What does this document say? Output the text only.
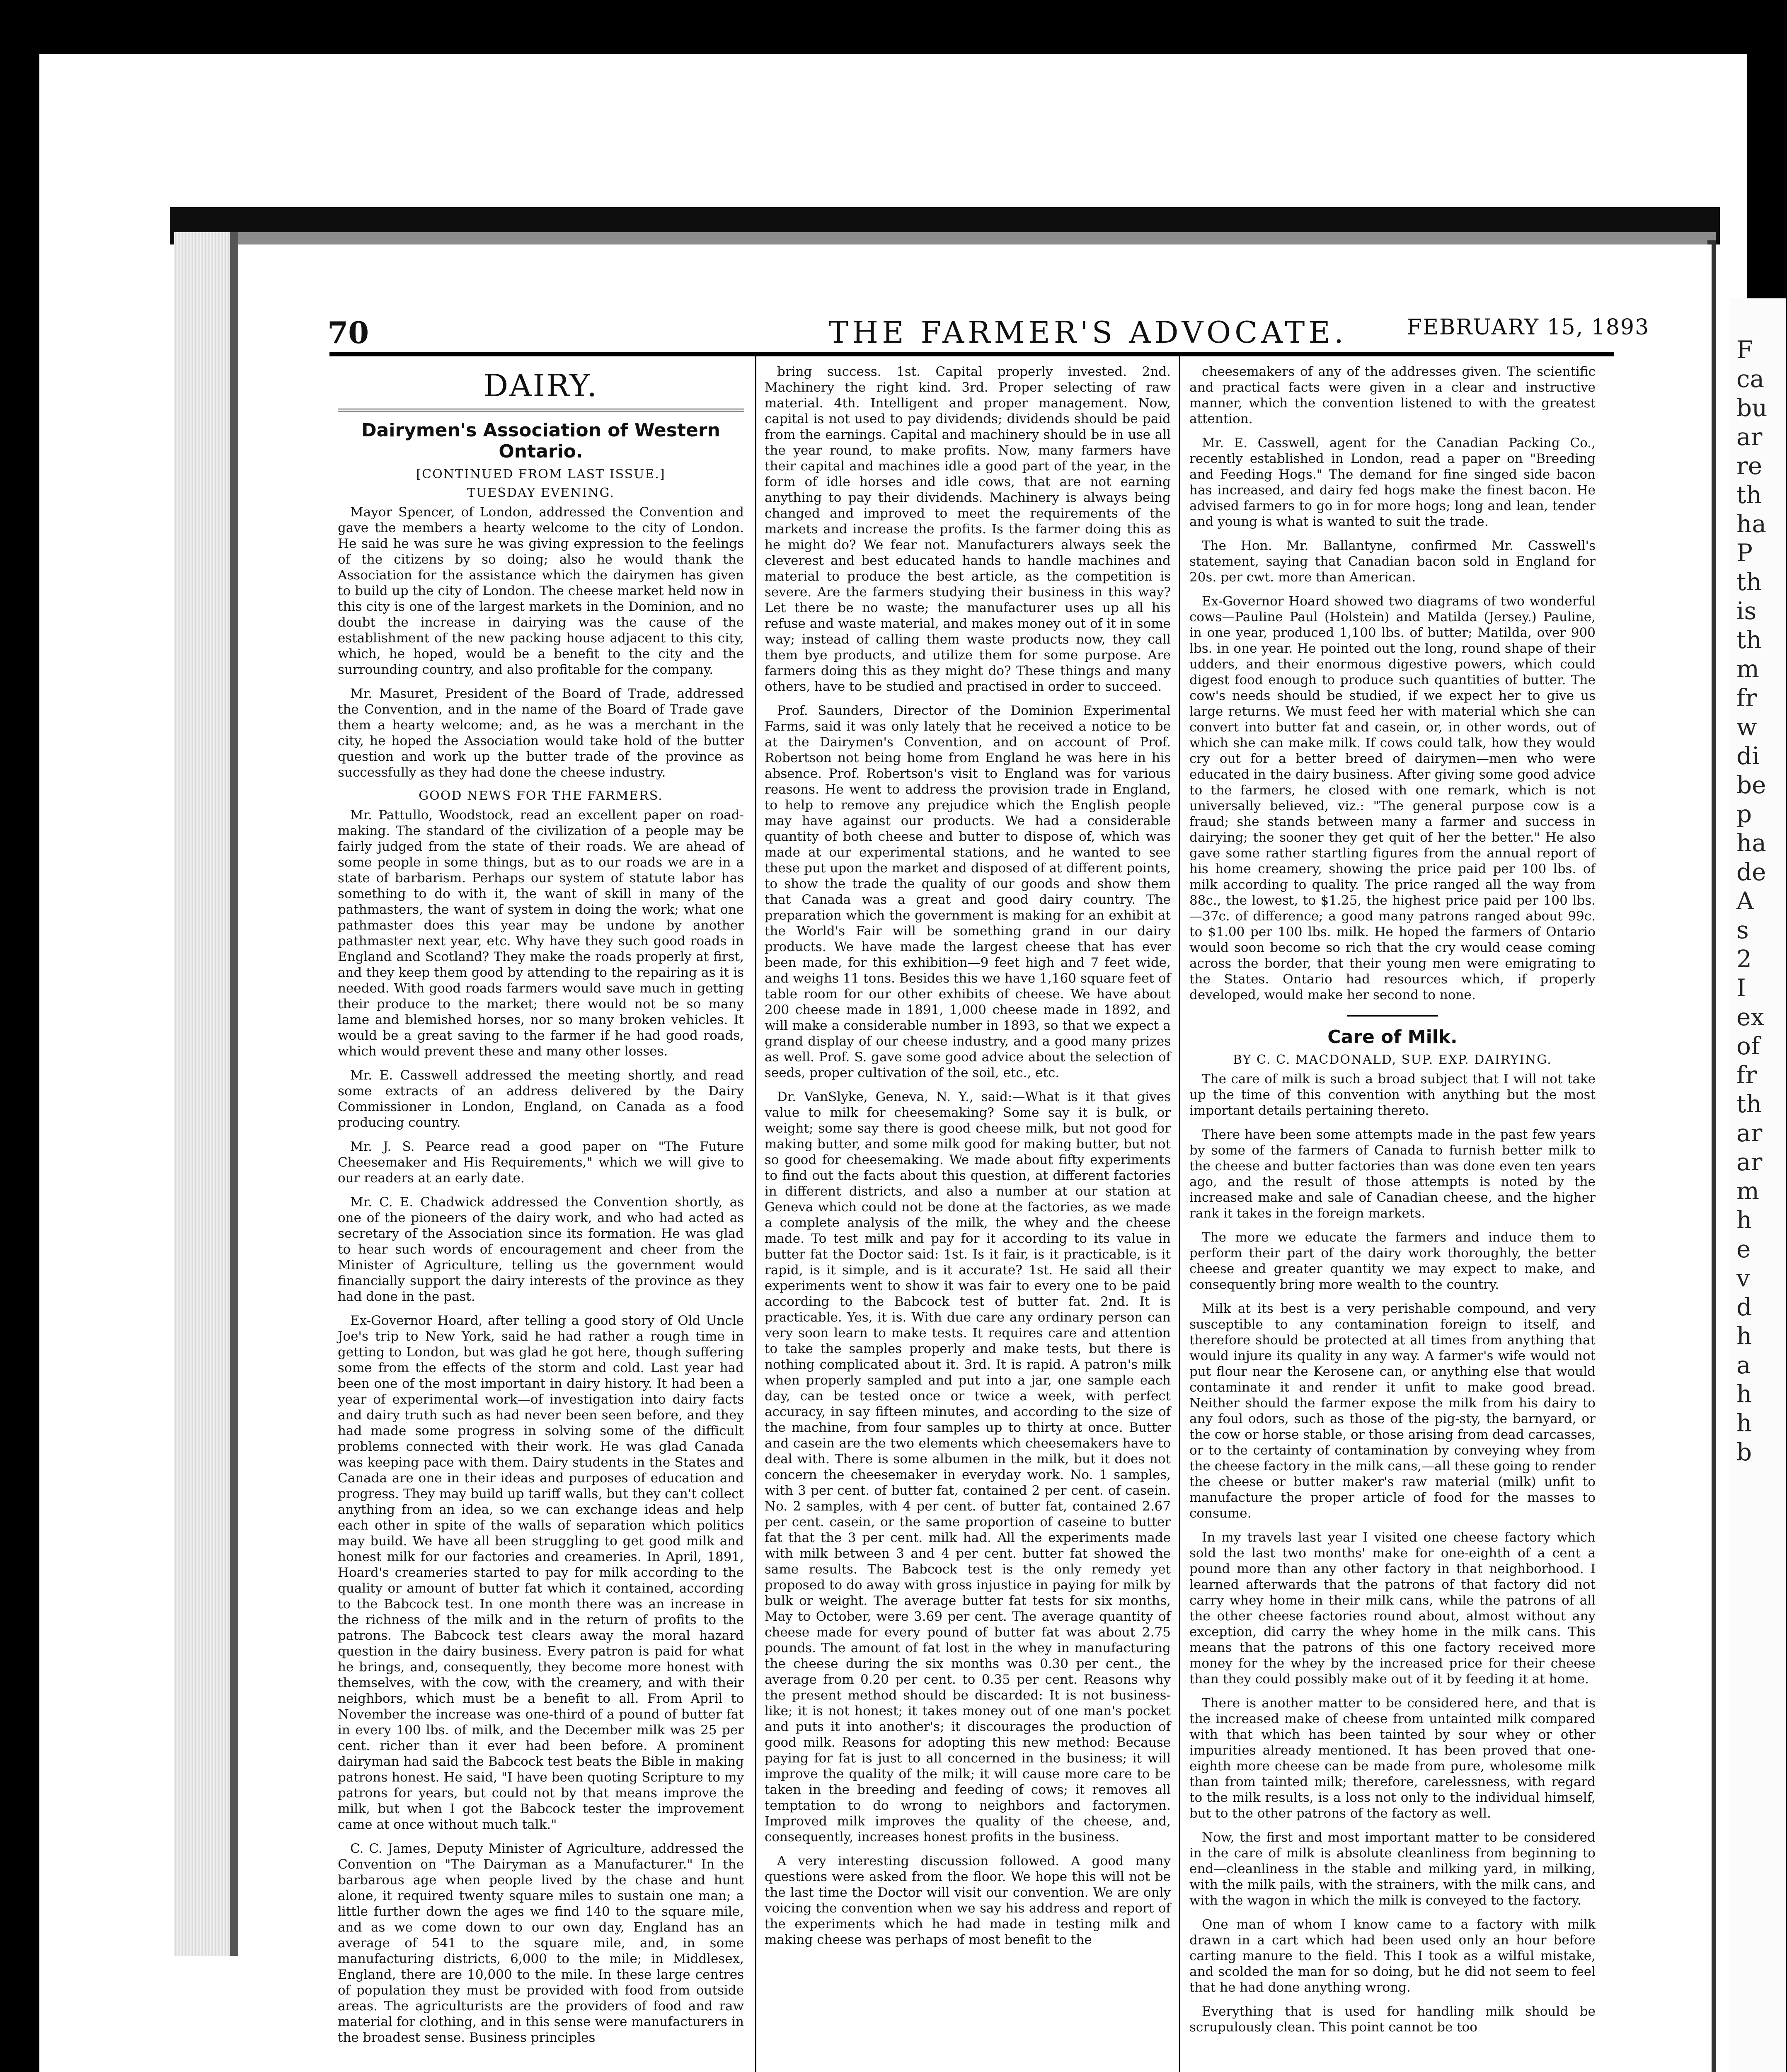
70	THE FARMER'S ADVOCATE.	FEBRUARY 15, 1893
DAIRY.
Dairymen's Association of Western Ontario.
[CONTINUED FROM LAST ISSUE.]
TUESDAY EVENING.

Mayor Spencer, of London, addressed the Convention and gave the members a hearty welcome to the city of London. He said he was sure he was giving expression to the feelings of the citizens by so doing; also he would thank the Association for the assistance which the dairymen has given to build up the city of London. The cheese market held now in this city is one of the largest markets in the Dominion, and no doubt the increase in dairying was the cause of the establishment of the new packing house adjacent to this city, which, he hoped, would be a benefit to the city and the surrounding country, and also profitable for the company.

Mr. Masuret, President of the Board of Trade, addressed the Convention, and in the name of the Board of Trade gave them a hearty welcome; and, as he was a merchant in the city, he hoped the Association would take hold of the butter question and work up the butter trade of the province as successfully as they had done the cheese industry.

GOOD NEWS FOR THE FARMERS.

Mr. Pattullo, Woodstock, read an excellent paper on road-making. The standard of the civilization of a people may be fairly judged from the state of their roads. We are ahead of some people in some things, but as to our roads we are in a state of barbarism. Perhaps our system of statute labor has something to do with it, the want of skill in many of the pathmasters, the want of system in doing the work; what one pathmaster does this year may be undone by another pathmaster next year, etc. Why have they such good roads in England and Scotland? They make the roads properly at first, and they keep them good by attending to the repairing as it is needed. With good roads farmers would save much in getting their produce to the market; there would not be so many lame and blemished horses, nor so many broken vehicles. It would be a great saving to the farmer if he had good roads, which would prevent these and many other losses.

Mr. E. Casswell addressed the meeting shortly, and read some extracts of an address delivered by the Dairy Commissioner in London, England, on Canada as a food producing country.

Mr. J. S. Pearce read a good paper on "The Future Cheesemaker and His Requirements," which we will give to our readers at an early date.

Mr. C. E. Chadwick addressed the Convention shortly, as one of the pioneers of the dairy work, and who had acted as secretary of the Association since its formation. He was glad to hear such words of encouragement and cheer from the Minister of Agriculture, telling us the government would financially support the dairy interests of the province as they had done in the past.

Ex-Governor Hoard, after telling a good story of Old Uncle Joe's trip to New York, said he had rather a rough time in getting to London, but was glad he got here, though suffering some from the effects of the storm and cold. Last year had been one of the most important in dairy history. It had been a year of experimental work—of investigation into dairy facts and dairy truth such as had never been seen before, and they had made some progress in solving some of the difficult problems connected with their work. He was glad Canada was keeping pace with them. Dairy students in the States and Canada are one in their ideas and purposes of education and progress. They may build up tariff walls, but they can't collect anything from an idea, so we can exchange ideas and help each other in spite of the walls of separation which politics may build. We have all been struggling to get good milk and honest milk for our factories and creameries. In April, 1891, Hoard's creameries started to pay for milk according to the quality or amount of butter fat which it contained, according to the Babcock test. In one month there was an increase in the richness of the milk and in the return of profits to the patrons. The Babcock test clears away the moral hazard question in the dairy business. Every patron is paid for what he brings, and, consequently, they become more honest with themselves, with the cow, with the creamery, and with their neighbors, which must be a benefit to all. From April to November the increase was one-third of a pound of butter fat in every 100 lbs. of milk, and the December milk was 25 per cent. richer than it ever had been before. A prominent dairyman had said the Babcock test beats the Bible in making patrons honest. He said, "I have been quoting Scripture to my patrons for years, but could not by that means improve the milk, but when I got the Babcock tester the improvement came at once without much talk."

C. C. James, Deputy Minister of Agriculture, addressed the Convention on "The Dairyman as a Manufacturer." In the barbarous age when people lived by the chase and hunt alone, it required twenty square miles to sustain one man; a little further down the ages we find 140 to the square mile, and as we come down to our own day, England has an average of 541 to the square mile, and, in some manufacturing districts, 6,000 to the mile; in Middlesex, England, there are 10,000 to the mile. In these large centres of population they must be provided with food from outside areas. The agriculturists are the providers of food and raw material for clothing, and in this sense were manufacturers in the broadest sense. Business principles

bring success. 1st. Capital properly invested. 2nd. Machinery the right kind. 3rd. Proper selecting of raw material. 4th. Intelligent and proper management. Now, capital is not used to pay dividends; dividends should be paid from the earnings. Capital and machinery should be in use all the year round, to make profits. Now, many farmers have their capital and machines idle a good part of the year, in the form of idle horses and idle cows, that are not earning anything to pay their dividends. Machinery is always being changed and improved to meet the requirements of the markets and increase the profits. Is the farmer doing this as he might do? We fear not. Manufacturers always seek the cleverest and best educated hands to handle machines and material to produce the best article, as the competition is severe. Are the farmers studying their business in this way? Let there be no waste; the manufacturer uses up all his refuse and waste material, and makes money out of it in some way; instead of calling them waste products now, they call them bye products, and utilize them for some purpose. Are farmers doing this as they might do? These things and many others, have to be studied and practised in order to succeed.

Prof. Saunders, Director of the Dominion Experimental Farms, said it was only lately that he received a notice to be at the Dairymen's Convention, and on account of Prof. Robertson not being home from England he was here in his absence. Prof. Robertson's visit to England was for various reasons. He went to address the provision trade in England, to help to remove any prejudice which the English people may have against our products. We had a considerable quantity of both cheese and butter to dispose of, which was made at our experimental stations, and he wanted to see these put upon the market and disposed of at different points, to show the trade the quality of our goods and show them that Canada was a great and good dairy country. The preparation which the government is making for an exhibit at the World's Fair will be something grand in our dairy products. We have made the largest cheese that has ever been made, for this exhibition—9 feet high and 7 feet wide, and weighs 11 tons. Besides this we have 1,160 square feet of table room for our other exhibits of cheese. We have about 200 cheese made in 1891, 1,000 cheese made in 1892, and will make a considerable number in 1893, so that we expect a grand display of our cheese industry, and a good many prizes as well. Prof. S. gave some good advice about the selection of seeds, proper cultivation of the soil, etc., etc.

Dr. VanSlyke, Geneva, N. Y., said:—What is it that gives value to milk for cheesemaking? Some say it is bulk, or weight; some say there is good cheese milk, but not good for making butter, and some milk good for making butter, but not so good for cheesemaking. We made about fifty experiments to find out the facts about this question, at different factories in different districts, and also a number at our station at Geneva which could not be done at the factories, as we made a complete analysis of the milk, the whey and the cheese made. To test milk and pay for it according to its value in butter fat the Doctor said: 1st. Is it fair, is it practicable, is it rapid, is it simple, and is it accurate? 1st. He said all their experiments went to show it was fair to every one to be paid according to the Babcock test of butter fat. 2nd. It is practicable. Yes, it is. With due care any ordinary person can very soon learn to make tests. It requires care and attention to take the samples properly and make tests, but there is nothing complicated about it. 3rd. It is rapid. A patron's milk when properly sampled and put into a jar, one sample each day, can be tested once or twice a week, with perfect accuracy, in say fifteen minutes, and according to the size of the machine, from four samples up to thirty at once. Butter and casein are the two elements which cheesemakers have to deal with. There is some albumen in the milk, but it does not concern the cheesemaker in everyday work. No. 1 samples, with 3 per cent. of butter fat, contained 2 per cent. of casein. No. 2 samples, with 4 per cent. of butter fat, contained 2.67 per cent. casein, or the same proportion of caseine to butter fat that the 3 per cent. milk had. All the experiments made with milk between 3 and 4 per cent. butter fat showed the same results. The Babcock test is the only remedy yet proposed to do away with gross injustice in paying for milk by bulk or weight. The average butter fat tests for six months, May to October, were 3.69 per cent. The average quantity of cheese made for every pound of butter fat was about 2.75 pounds. The amount of fat lost in the whey in manufacturing the cheese during the six months was 0.30 per cent., the average from 0.20 per cent. to 0.35 per cent. Reasons why the present method should be discarded: It is not business-like; it is not honest; it takes money out of one man's pocket and puts it into another's; it discourages the production of good milk. Reasons for adopting this new method: Because paying for fat is just to all concerned in the business; it will improve the quality of the milk; it will cause more care to be taken in the breeding and feeding of cows; it removes all temptation to do wrong to neighbors and factorymen. Improved milk improves the quality of the cheese, and, consequently, increases honest profits in the business.

A very interesting discussion followed. A good many questions were asked from the floor. We hope this will not be the last time the Doctor will visit our convention. We are only voicing the convention when we say his address and report of the experiments which he had made in testing milk and making cheese was perhaps of most benefit to the

cheesemakers of any of the addresses given. The scientific and practical facts were given in a clear and instructive manner, which the convention listened to with the greatest attention.

Mr. E. Casswell, agent for the Canadian Packing Co., recently established in London, read a paper on "Breeding and Feeding Hogs." The demand for fine singed side bacon has increased, and dairy fed hogs make the finest bacon. He advised farmers to go in for more hogs; long and lean, tender and young is what is wanted to suit the trade.

The Hon. Mr. Ballantyne, confirmed Mr. Casswell's statement, saying that Canadian bacon sold in England for 20s. per cwt. more than American.

Ex-Governor Hoard showed two diagrams of two wonderful cows—Pauline Paul (Holstein) and Matilda (Jersey.) Pauline, in one year, produced 1,100 lbs. of butter; Matilda, over 900 lbs. in one year. He pointed out the long, round shape of their udders, and their enormous digestive powers, which could digest food enough to produce such quantities of butter. The cow's needs should be studied, if we expect her to give us large returns. We must feed her with material which she can convert into butter fat and casein, or, in other words, out of which she can make milk. If cows could talk, how they would cry out for a better breed of dairymen—men who were educated in the dairy business. After giving some good advice to the farmers, he closed with one remark, which is not universally believed, viz.: "The general purpose cow is a fraud; she stands between many a farmer and success in dairying; the sooner they get quit of her the better." He also gave some rather startling figures from the annual report of his home creamery, showing the price paid per 100 lbs. of milk according to quality. The price ranged all the way from 88c., the lowest, to $1.25, the highest price paid per 100 lbs.—37c. of difference; a good many patrons ranged about 99c. to $1.00 per 100 lbs. milk. He hoped the farmers of Ontario would soon become so rich that the cry would cease coming across the border, that their young men were emigrating to the States. Ontario had resources which, if properly developed, would make her second to none.

Care of Milk.
BY C. C. MACDONALD, SUP. EXP. DAIRYING.

The care of milk is such a broad subject that I will not take up the time of this convention with anything but the most important details pertaining thereto.

There have been some attempts made in the past few years by some of the farmers of Canada to furnish better milk to the cheese and butter factories than was done even ten years ago, and the result of those attempts is noted by the increased make and sale of Canadian cheese, and the higher rank it takes in the foreign markets.

The more we educate the farmers and induce them to perform their part of the dairy work thoroughly, the better cheese and greater quantity we may expect to make, and consequently bring more wealth to the country.

Milk at its best is a very perishable compound, and very susceptible to any contamination foreign to itself, and therefore should be protected at all times from anything that would injure its quality in any way. A farmer's wife would not put flour near the Kerosene can, or anything else that would contaminate it and render it unfit to make good bread. Neither should the farmer expose the milk from his dairy to any foul odors, such as those of the pig-sty, the barnyard, or the cow or horse stable, or those arising from dead carcasses, or to the certainty of contamination by conveying whey from the cheese factory in the milk cans,—all these going to render the cheese or butter maker's raw material (milk) unfit to manufacture the proper article of food for the masses to consume.

In my travels last year I visited one cheese factory which sold the last two months' make for one-eighth of a cent a pound more than any other factory in that neighborhood. I learned afterwards that the patrons of that factory did not carry whey home in their milk cans, while the patrons of all the other cheese factories round about, almost without any exception, did carry the whey home in the milk cans. This means that the patrons of this one factory received more money for the whey by the increased price for their cheese than they could possibly make out of it by feeding it at home.

There is another matter to be considered here, and that is the increased make of cheese from untainted milk compared with that which has been tainted by sour whey or other impurities already mentioned. It has been proved that one-eighth more cheese can be made from pure, wholesome milk than from tainted milk; therefore, carelessness, with regard to the milk results, is a loss not only to the individual himself, but to the other patrons of the factory as well.

Now, the first and most important matter to be considered in the care of milk is absolute cleanliness from beginning to end—cleanliness in the stable and milking yard, in milking, with the milk pails, with the strainers, with the milk cans, and with the wagon in which the milk is conveyed to the factory.

One man of whom I know came to a factory with milk drawn in a cart which had been used only an hour before carting manure to the field. This I took as a wilful mistake, and scolded the man for so doing, but he did not seem to feel that he had done anything wrong.

Everything that is used for handling milk should be scrupulously clean. This point cannot be too

F
ca
bu
ar
re
th
ha
P
th
is
th
m
fr
w
di
be
p
ha
de
A
s
2
I
ex
of
fr
th
ar
ar
m
h
e
v
d
h
a
h
h
b
